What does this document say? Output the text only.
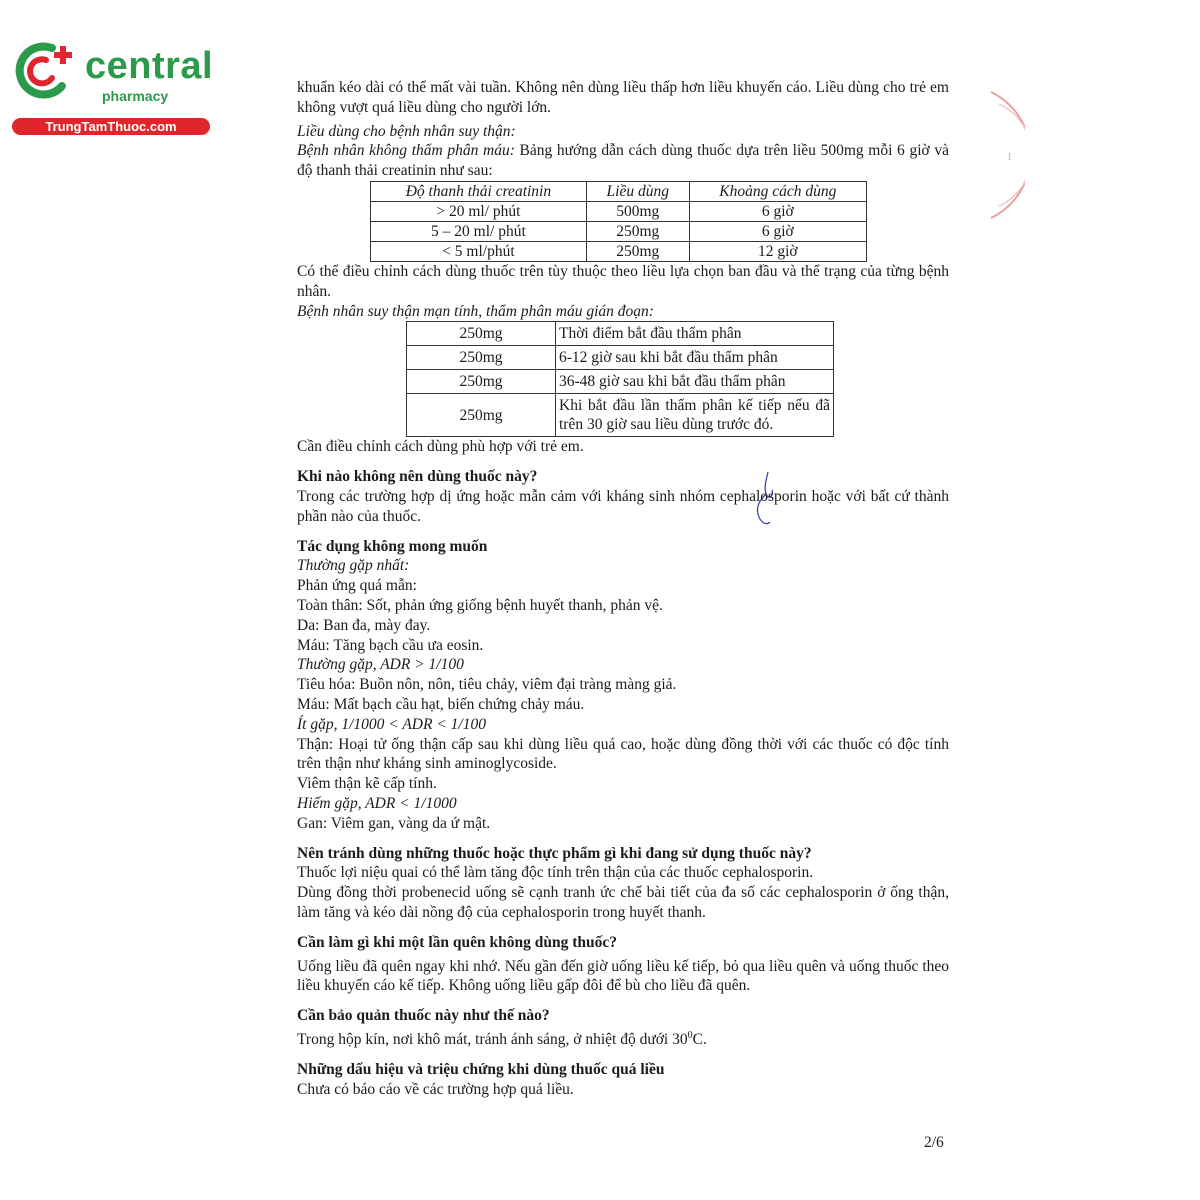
central
pharmacy
TrungTamThuoc.com
1

khuẩn kéo dài có thể mất vài tuần. Không nên dùng liều thấp hơn liều khuyến cáo. Liều dùng cho trẻ em không vượt quá liều dùng cho người lớn.

Liều dùng cho bệnh nhân suy thận:

Bệnh nhân không thẩm phân máu: Bảng hướng dẫn cách dùng thuốc dựa trên liều 500mg mỗi 6 giờ và độ thanh thải creatinin như sau:

Độ thanh thải creatinin	Liều dùng	Khoảng cách dùng
> 20 ml/ phút	500mg	6 giờ
5 – 20 ml/ phút	250mg	6 giờ
< 5 ml/phút	250mg	12 giờ

Có thể điều chỉnh cách dùng thuốc trên tùy thuộc theo liều lựa chọn ban đầu và thể trạng của từng bệnh nhân.

Bệnh nhân suy thận mạn tính, thẩm phân máu gián đoạn:

250mg	Thời điểm bắt đầu thẩm phân
250mg	6-12 giờ sau khi bắt đầu thẩm phân
250mg	36-48 giờ sau khi bắt đầu thẩm phân
250mg	Khi bắt đầu lần thẩm phân kế tiếp nếu đã trên 30 giờ sau liều dùng trước đó.

Cần điều chỉnh cách dùng phù hợp với trẻ em.

Khi nào không nên dùng thuốc này?

Trong các trường hợp dị ứng hoặc mẫn cảm với kháng sinh nhóm cephalosporin hoặc với bất cứ thành phần nào của thuốc.

Tác dụng không mong muốn

Thường gặp nhất:

Phản ứng quá mẫn:

Toàn thân: Sốt, phản ứng giống bệnh huyết thanh, phản vệ.

Da: Ban đa, mày đay.

Máu: Tăng bạch cầu ưa eosin.

Thường gặp, ADR > 1/100

Tiêu hóa: Buồn nôn, nôn, tiêu chảy, viêm đại tràng màng giả.

Máu: Mất bạch cầu hạt, biến chứng chảy máu.

Ít gặp, 1/1000 < ADR < 1/100

Thận: Hoại tử ống thận cấp sau khi dùng liều quá cao, hoặc dùng đồng thời với các thuốc có độc tính trên thận như kháng sinh aminoglycoside.

Viêm thận kẽ cấp tính.

Hiếm gặp, ADR < 1/1000

Gan: Viêm gan, vàng da ứ mật.

Nên tránh dùng những thuốc hoặc thực phẩm gì khi đang sử dụng thuốc này?

Thuốc lợi niệu quai có thể làm tăng độc tính trên thận của các thuốc cephalosporin.

Dùng đồng thời probenecid uống sẽ cạnh tranh ức chế bài tiết của đa số các cephalosporin ở ống thận, làm tăng và kéo dài nồng độ của cephalosporin trong huyết thanh.

Cần làm gì khi một lần quên không dùng thuốc?

Uống liều đã quên ngay khi nhớ. Nếu gần đến giờ uống liều kế tiếp, bỏ qua liều quên và uống thuốc theo liều khuyến cáo kế tiếp. Không uống liều gấp đôi để bù cho liều đã quên.

Cần bảo quản thuốc này như thế nào?

Trong hộp kín, nơi khô mát, tránh ánh sáng, ở nhiệt độ dưới $30^0C$.

Những dấu hiệu và triệu chứng khi dùng thuốc quá liều

Chưa có báo cáo về các trường hợp quá liều.

2/6
